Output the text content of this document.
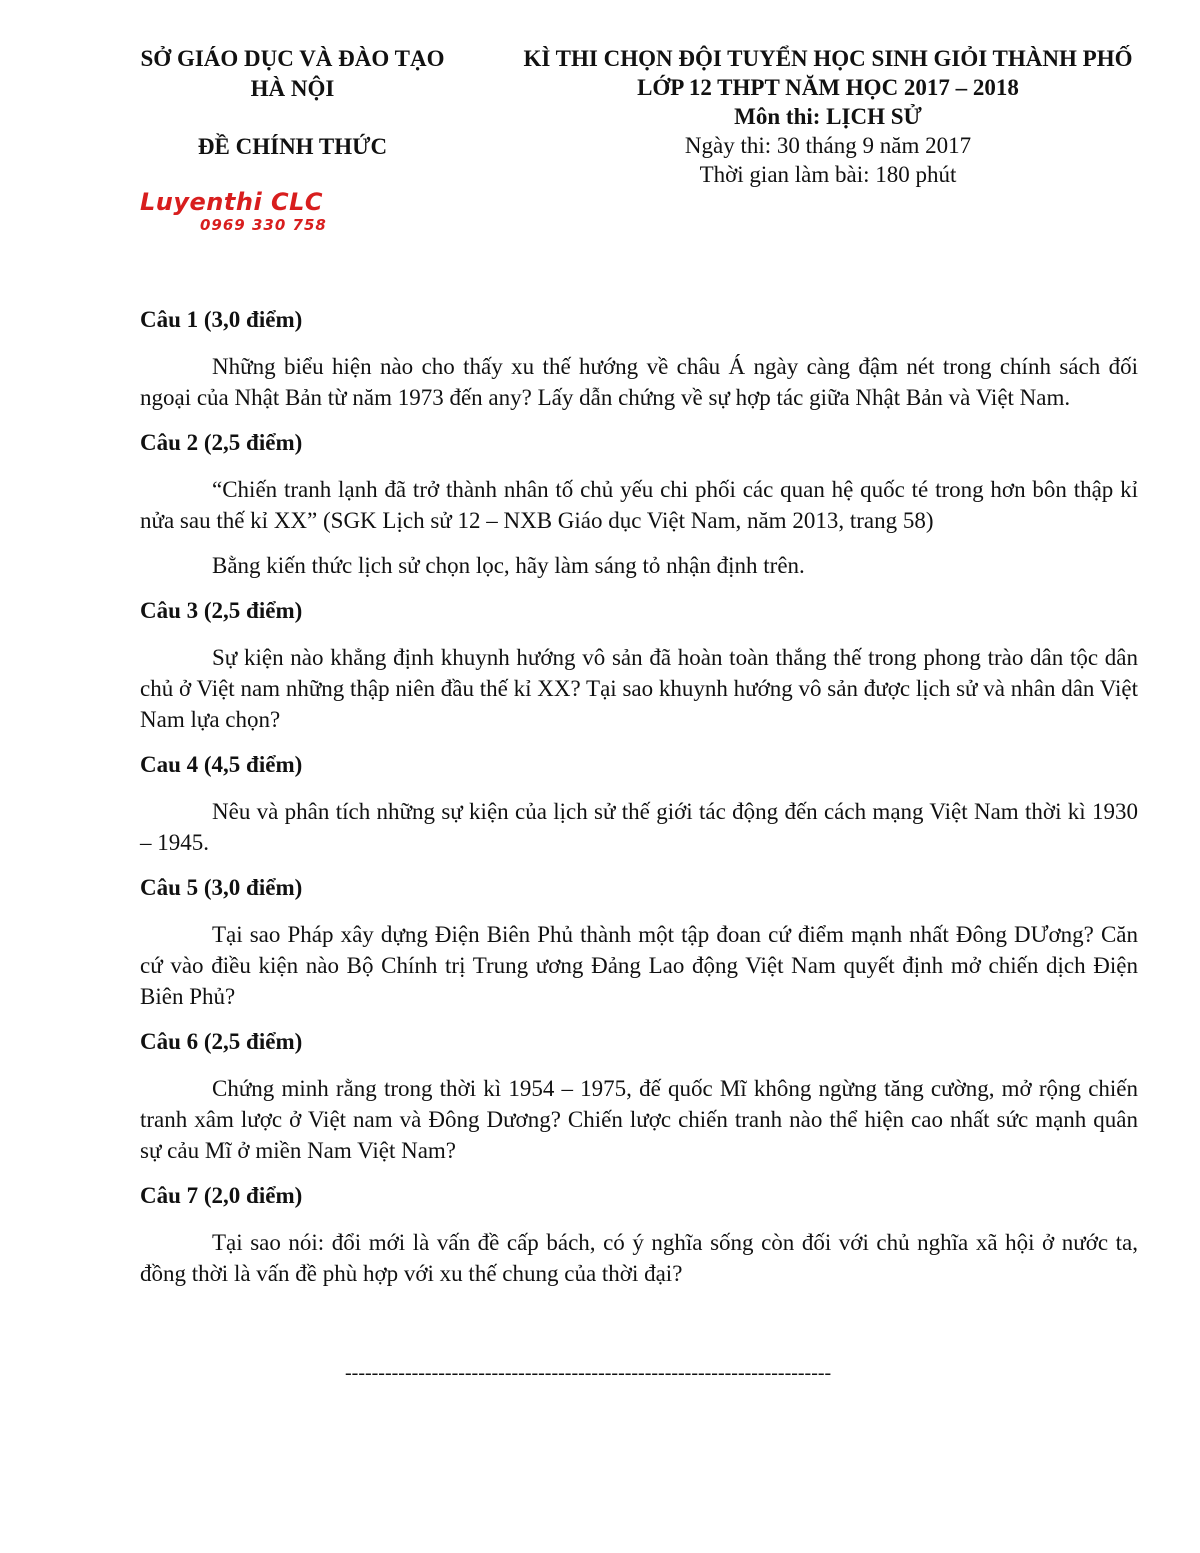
SỞ GIÁO DỤC VÀ ĐÀO TẠO
HÀ NỘI
ĐỀ CHÍNH THỨC
Luyenthi CLC
0969 330 758
KÌ THI CHỌN ĐỘI TUYỂN HỌC SINH GIỎI THÀNH PHỐ
LỚP 12 THPT NĂM HỌC 2017 – 2018
Môn thi: LỊCH SỬ
Ngày thi: 30 tháng 9 năm 2017
Thời gian làm bài: 180 phút

Câu 1 (3,0 điểm)

Những biểu hiện nào cho thấy xu thế hướng về châu Á ngày càng đậm nét trong chính sách đối ngoại của Nhật Bản từ năm 1973 đến any? Lấy dẫn chứng về sự hợp tác giữa Nhật Bản và Việt Nam.

Câu 2 (2,5 điểm)

“Chiến tranh lạnh đã trở thành nhân tố chủ yếu chi phối các quan hệ quốc té trong hơn bôn thập kỉ nửa sau thế kỉ XX” (SGK Lịch sử 12 – NXB Giáo dục Việt Nam, năm 2013, trang 58)

Bằng kiến thức lịch sử chọn lọc, hãy làm sáng tỏ nhận định trên.

Câu 3 (2,5 điểm)

Sự kiện nào khẳng định khuynh hướng vô sản đã hoàn toàn thắng thế trong phong trào dân tộc dân chủ ở Việt nam những thập niên đầu thế kỉ XX? Tại sao khuynh hướng vô sản được lịch sử và nhân dân Việt Nam lựa chọn?

Cau 4 (4,5 điểm)

Nêu và phân tích những sự kiện của lịch sử thế giới tác động đến cách mạng Việt Nam thời kì 1930 – 1945.

Câu 5 (3,0 điểm)

Tại sao Pháp xây dựng Điện Biên Phủ thành một tập đoan cứ điểm mạnh nhất Đông DƯơng? Căn cứ vào điều kiện nào Bộ Chính trị Trung ương Đảng Lao động Việt Nam quyết định mở chiến dịch Điện Biên Phủ?

Câu 6 (2,5 điểm)

Chứng minh rằng trong thời kì 1954 – 1975, đế quốc Mĩ không ngừng tăng cường, mở rộng chiến tranh xâm lược ở Việt nam và Đông Dương? Chiến lược chiến tranh nào thể hiện cao nhất sức mạnh quân sự cảu Mĩ ở miền Nam Việt Nam?

Câu 7 (2,0 điểm)

Tại sao nói: đổi mới là vấn đề cấp bách, có ý nghĩa sống còn đối với chủ nghĩa xã hội ở nước ta, đồng thời là vấn đề phù hợp với xu thế chung của thời đại?

-------------------------------------------------------------------------
